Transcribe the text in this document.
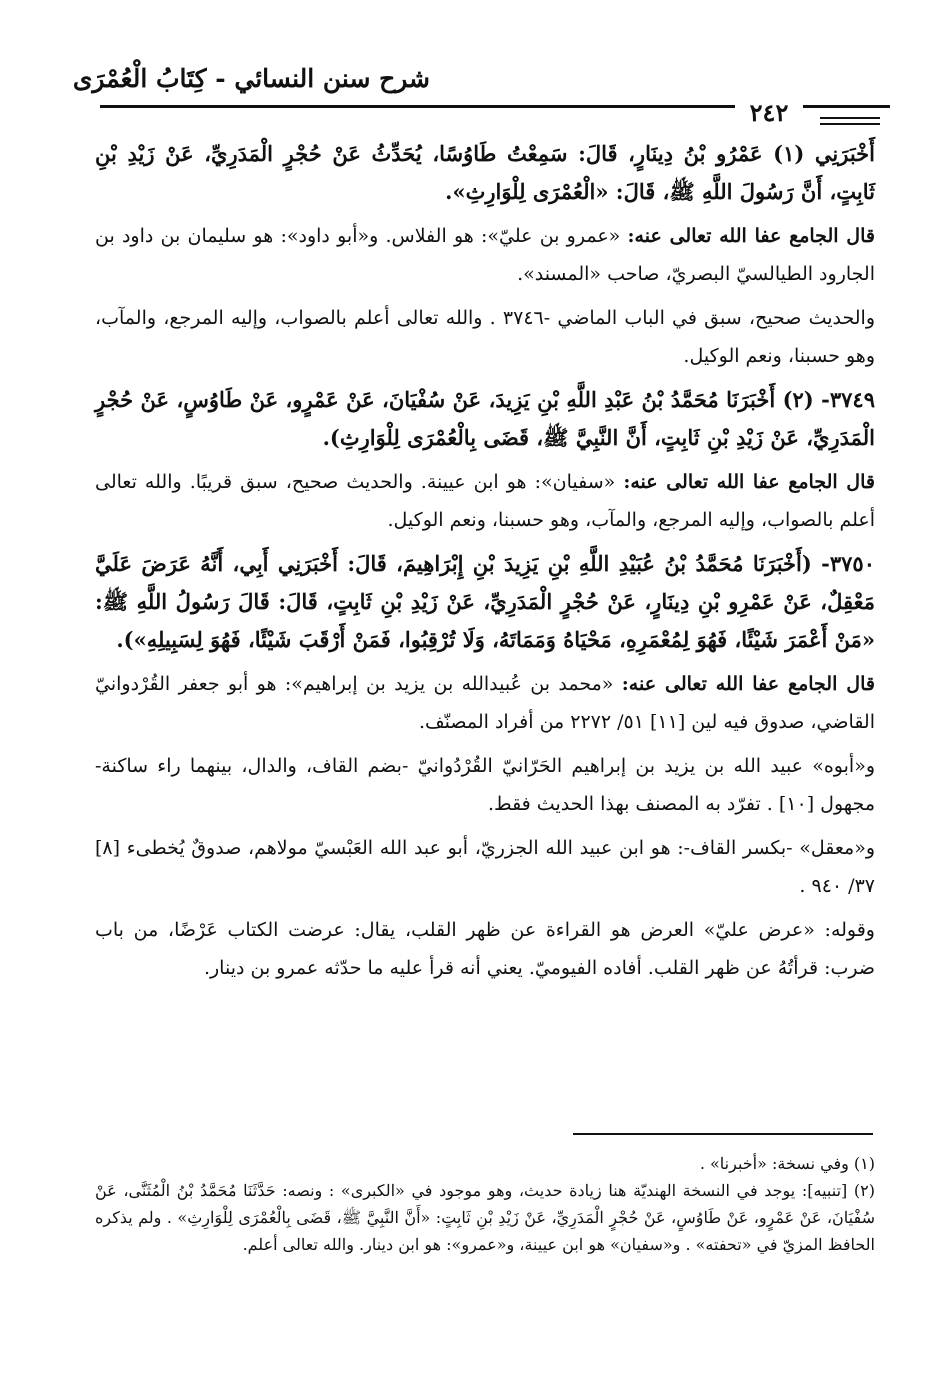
شرح سنن النسائي - كِتَابُ الْعُمْرَى
٢٤٢

أَخْبَرَنِي (١) عَمْرُو بْنُ دِينَارٍ، قَالَ: سَمِعْتُ طَاوُسًا، يُحَدِّثُ عَنْ حُجْرٍ الْمَدَرِيِّ، عَنْ زَيْدِ بْنِ ثَابِتٍ، أَنَّ رَسُولَ اللَّهِ ﷺ، قَالَ: «الْعُمْرَى لِلْوَارِثِ».

قال الجامع عفا الله تعالى عنه: «عمرو بن عليّ»: هو الفلاس. و«أبو داود»: هو سليمان بن داود بن الجارود الطيالسيّ البصريّ، صاحب «المسند».

والحديث صحيح، سبق في الباب الماضي -٣٧٤٦ . والله تعالى أعلم بالصواب، وإليه المرجع، والمآب، وهو حسبنا، ونعم الوكيل.

٣٧٤٩- (٢) أَخْبَرَنَا مُحَمَّدُ بْنُ عَبْدِ اللَّهِ بْنِ يَزِيدَ، عَنْ سُفْيَانَ، عَنْ عَمْرٍو، عَنْ طَاوُسٍ، عَنْ حُجْرٍ الْمَدَرِيِّ، عَنْ زَيْدِ بْنِ ثَابِتٍ، أَنَّ النَّبِيَّ ﷺ، قَضَى بِالْعُمْرَى لِلْوَارِثِ).

قال الجامع عفا الله تعالى عنه: «سفيان»: هو ابن عيينة. والحديث صحيح، سبق قريبًا. والله تعالى أعلم بالصواب، وإليه المرجع، والمآب، وهو حسبنا، ونعم الوكيل.

٣٧٥٠- (أَخْبَرَنَا مُحَمَّدُ بْنُ عُبَيْدِ اللَّهِ بْنِ يَزِيدَ بْنِ إِبْرَاهِيمَ، قَالَ: أَخْبَرَنِي أَبِي، أَنَّهُ عَرَضَ عَلَيَّ مَعْقِلٌ، عَنْ عَمْرِو بْنِ دِينَارٍ، عَنْ حُجْرٍ الْمَدَرِيِّ، عَنْ زَيْدِ بْنِ ثَابِتٍ، قَالَ: قَالَ رَسُولُ اللَّهِ ﷺ: «مَنْ أَعْمَرَ شَيْئًا، فَهُوَ لِمُعْمَرِهِ، مَحْيَاهُ وَمَمَاتَهُ، وَلَا تُرْقِبُوا، فَمَنْ أَرْقَبَ شَيْئًا، فَهُوَ لِسَبِيلِهِ»).

قال الجامع عفا الله تعالى عنه: «محمد بن عُبيدالله بن يزيد بن إبراهيم»: هو أبو جعفر القُرْدوانيّ القاضي، صدوق فيه لين [١١] ٥١/ ٢٢٧٢ من أفراد المصنّف.

و«أبوه» عبيد الله بن يزيد بن إبراهيم الحَرّانيّ القُرْدُوانيّ -بضم القاف، والدال، بينهما راء ساكنة- مجهول [١٠] . تفرّد به المصنف بهذا الحديث فقط.

و«معقل» -بكسر القاف-: هو ابن عبيد الله الجزريّ، أبو عبد الله العَبْسيّ مولاهم، صدوقٌ يُخطىء [٨] ٣٧/ ٩٤٠ .

وقوله: «عرض عليّ» العرض هو القراءة عن ظهر القلب، يقال: عرضت الكتاب عَرْضًا، من باب ضرب: قرأتُهُ عن ظهر القلب. أفاده الفيوميّ. يعني أنه قرأ عليه ما حدّثه عمرو بن دينار.

(١) وفي نسخة: «أخبرنا» .

(٢) [تنبيه]: يوجد في النسخة الهنديّة هنا زيادة حديث، وهو موجود في «الكبرى» : ونصه: حَدَّثَنَا مُحَمَّدُ بْنُ الْمُثَنَّى، عَنْ سُفْيَانَ، عَنْ عَمْرٍو، عَنْ طَاوُسٍ، عَنْ حُجْرٍ الْمَدَرِيِّ، عَنْ زَيْدِ بْنِ ثَابِتٍ: «أَنَّ النَّبِيَّ ﷺ، قَضَى بِالْعُمْرَى لِلْوَارِثِ» . ولم يذكره الحافظ المزيّ في «تحفته» . و«سفيان» هو ابن عيينة، و«عمرو»: هو ابن دينار. والله تعالى أعلم.
